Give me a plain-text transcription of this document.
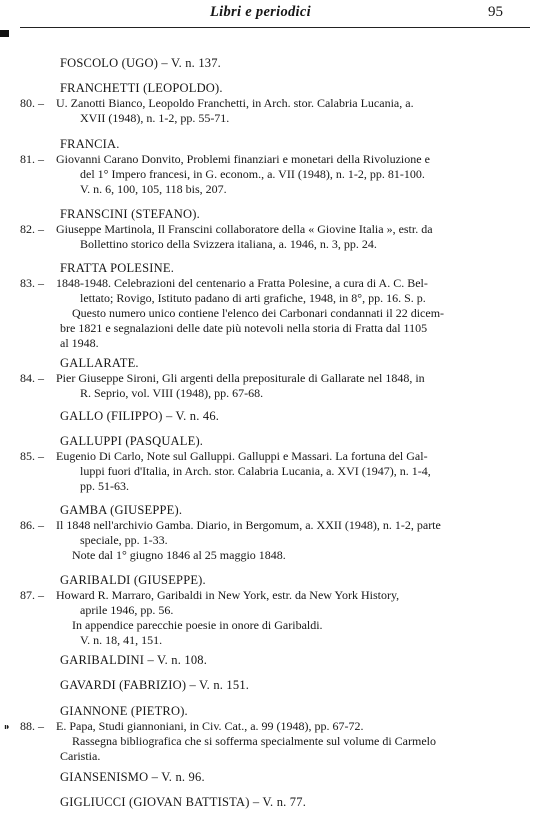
Libri e periodici	95
FOSCOLO (UGO) – V. n. 137.
FRANCHETTI (LEOPOLDO).
80. – U. Zanotti Bianco, Leopoldo Franchetti, in Arch. stor. Calabria Lucania, a.
XVII (1948), n. 1-2, pp. 55-71.
FRANCIA.
81. – Giovanni Carano Donvito, Problemi finanziari e monetari della Rivoluzione e
del 1° Impero francesi, in G. econom., a. VII (1948), n. 1-2, pp. 81-100.
V. n. 6, 100, 105, 118 bis, 207.
FRANSCINI (STEFANO).
82. – Giuseppe Martinola, Il Franscini collaboratore della « Giovine Italia », estr. da
Bollettino storico della Svizzera italiana, a. 1946, n. 3, pp. 24.
FRATTA POLESINE.
83. – 1848-1948. Celebrazioni del centenario a Fratta Polesine, a cura di A. C. Bel-
lettato; Rovigo, Istituto padano di arti grafiche, 1948, in 8°, pp. 16. S. p.
Questo numero unico contiene l'elenco dei Carbonari condannati il 22 dicem-
bre 1821 e segnalazioni delle date più notevoli nella storia di Fratta dal 1105
al 1948.
GALLARATE.
84. – Pier Giuseppe Sironi, Gli argenti della prepositurale di Gallarate nel 1848, in
R. Seprio, vol. VIII (1948), pp. 67-68.
GALLO (FILIPPO) – V. n. 46.
GALLUPPI (PASQUALE).
85. – Eugenio Di Carlo, Note sul Galluppi. Galluppi e Massari. La fortuna del Gal-
luppi fuori d'Italia, in Arch. stor. Calabria Lucania, a. XVI (1947), n. 1-4,
pp. 51-63.
GAMBA (GIUSEPPE).
86. – Il 1848 nell'archivio Gamba. Diario, in Bergomum, a. XXII (1948), n. 1-2, parte
speciale, pp. 1-33.
Note dal 1° giugno 1846 al 25 maggio 1848.
GARIBALDI (GIUSEPPE).
87. – Howard R. Marraro, Garibaldi in New York, estr. da New York History,
aprile 1946, pp. 56.
In appendice parecchie poesie in onore di Garibaldi.
V. n. 18, 41, 151.
GARIBALDINI – V. n. 108.
GAVARDI (FABRIZIO) – V. n. 151.
⁍
GIANNONE (PIETRO).
88. – E. Papa, Studi giannoniani, in Civ. Cat., a. 99 (1948), pp. 67-72.
Rassegna bibliografica che si sofferma specialmente sul volume di Carmelo
Caristia.
GIANSENISMO – V. n. 96.
GIGLIUCCI (GIOVAN BATTISTA) – V. n. 77.
